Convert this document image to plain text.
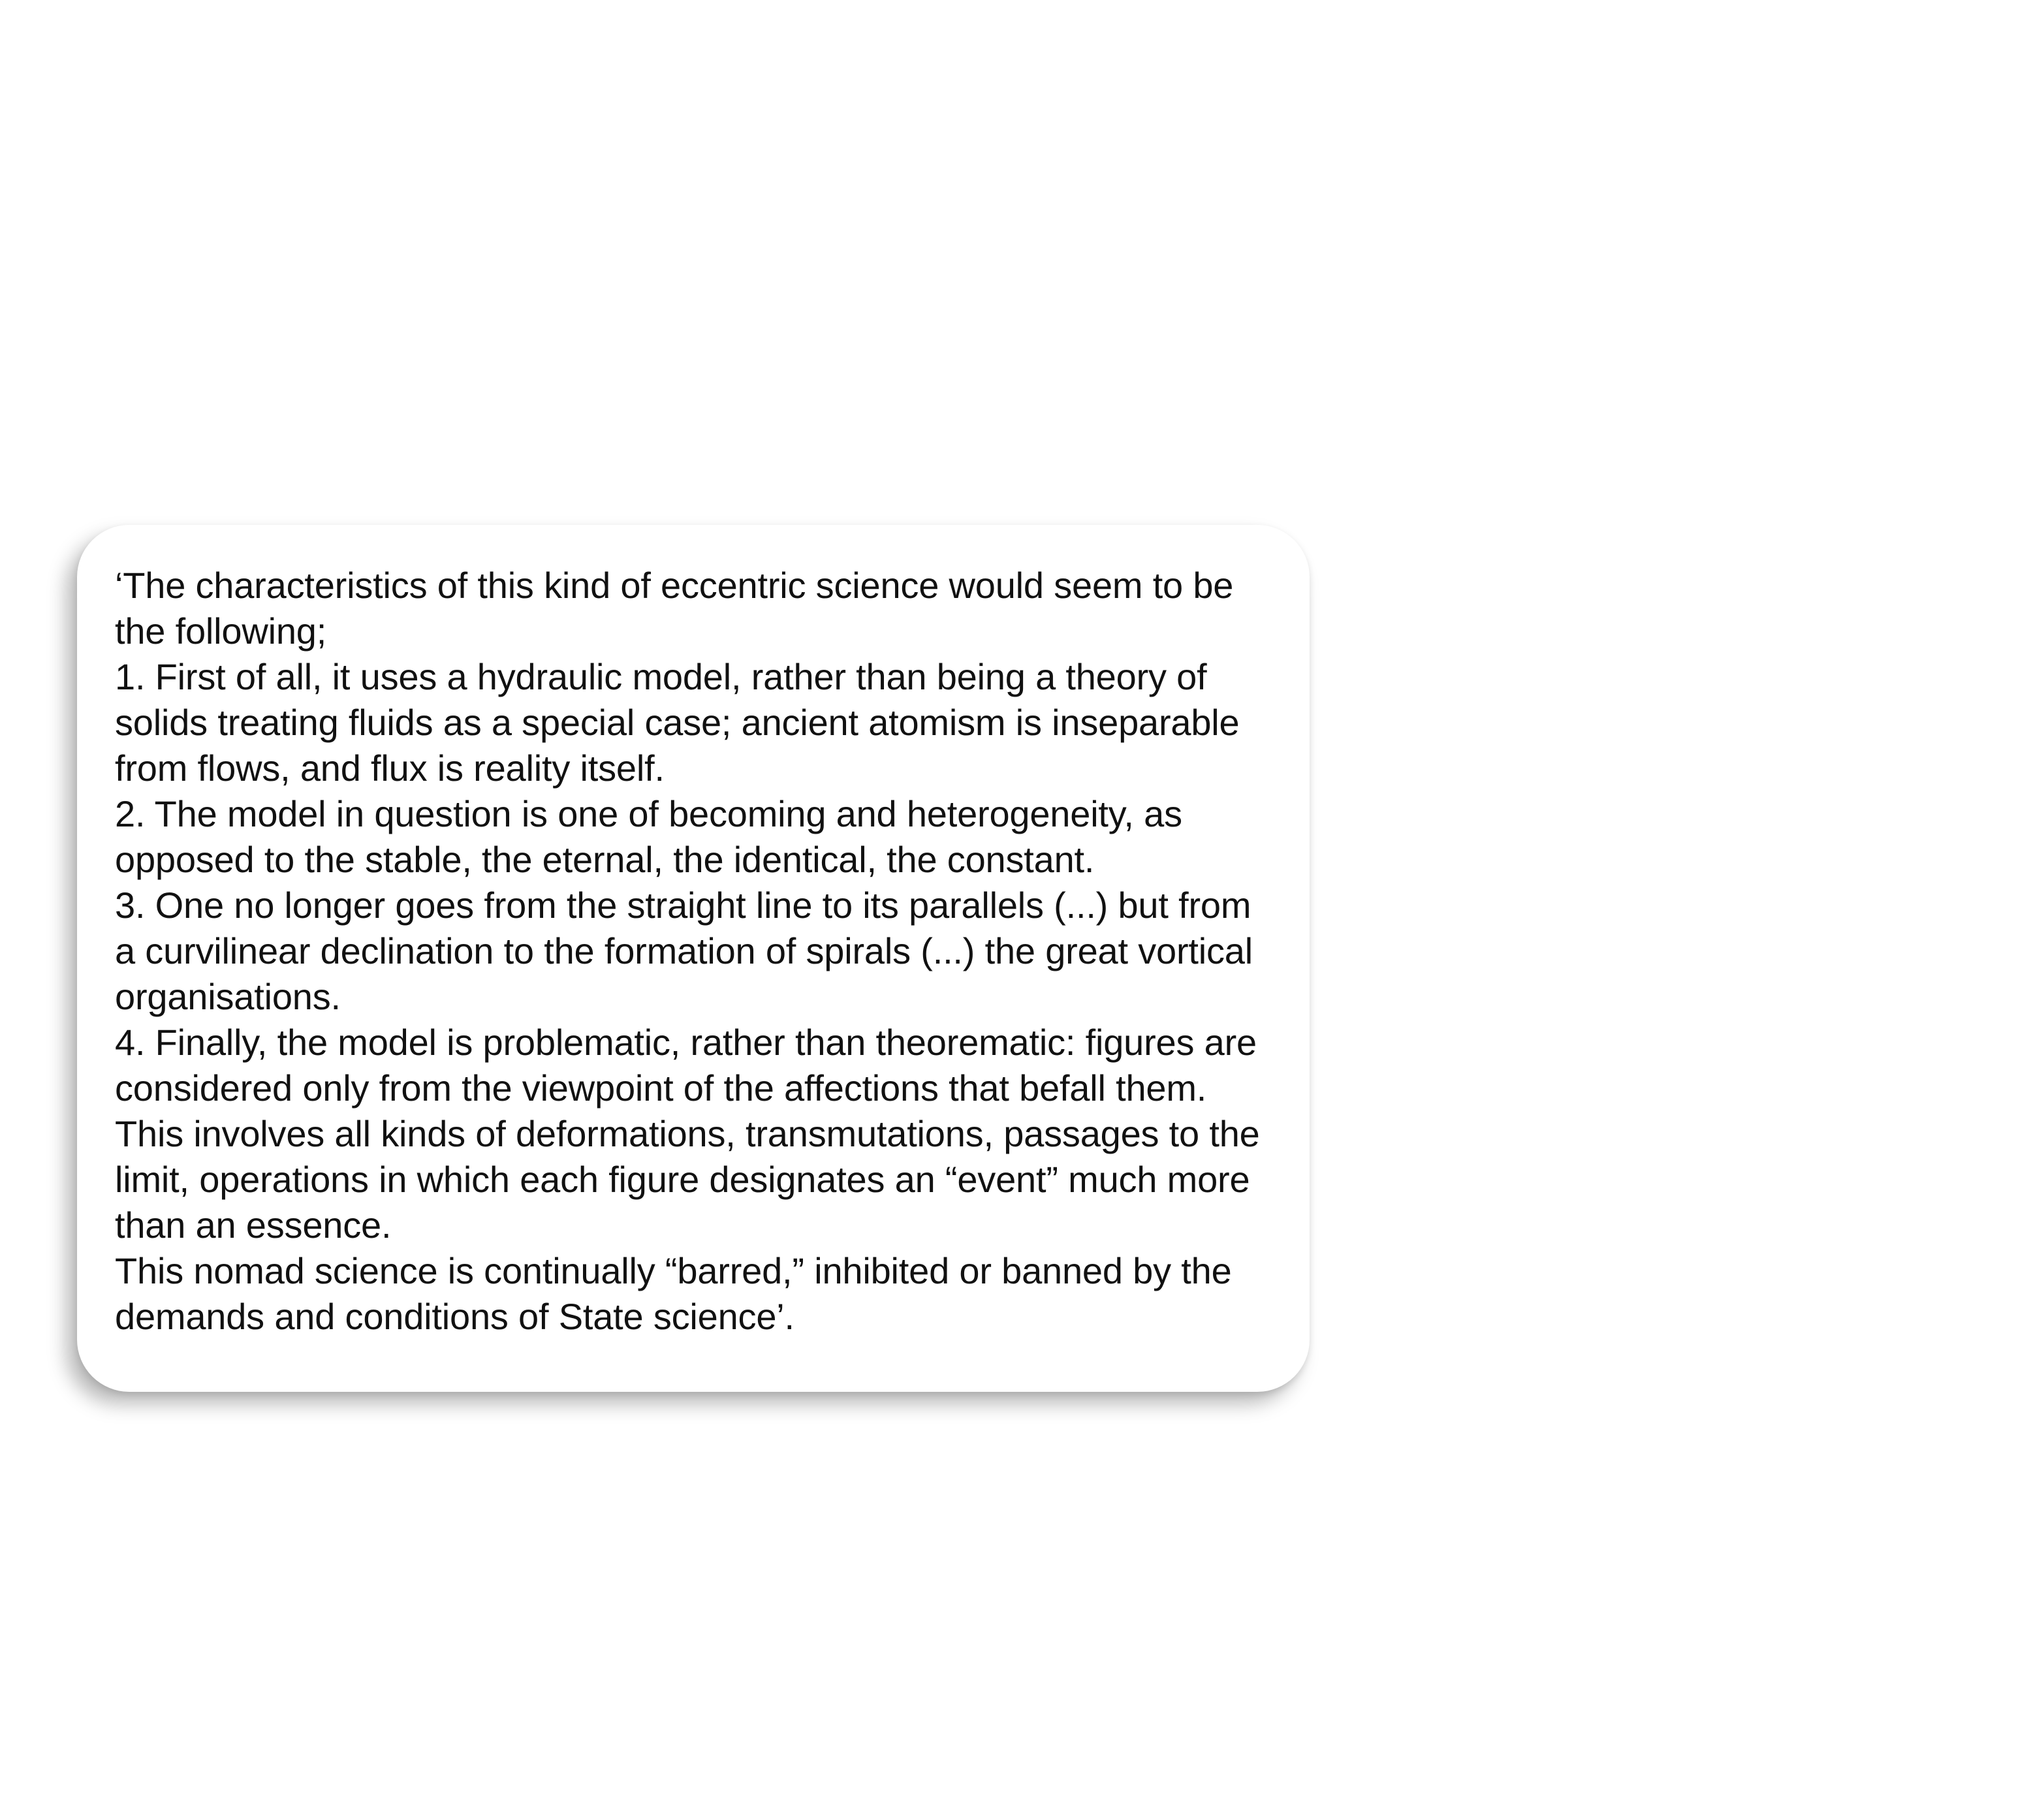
‘The characteristics of this kind of eccentric science would seem to be the following;

1. First of all, it uses a hydraulic model, rather than being a theory of solids treating fluids as a special case; ancient atomism is inseparable from flows, and flux is reality itself.

2. The model in question is one of becoming and heterogeneity, as opposed to the stable, the eternal, the identical, the constant.

3. One no longer goes from the straight line to its parallels (...) but from a curvilinear declination to the formation of spirals (...) the great vortical organisations.

4. Finally, the model is problematic, rather than theorematic: figures are considered only from the viewpoint of the affections that befall them. This involves all kinds of deformations, transmutations, passages to the limit, operations in which each figure designates an “event” much more than an essence.

This nomad science is continually “barred,” inhibited or banned by the demands and conditions of State science’.
